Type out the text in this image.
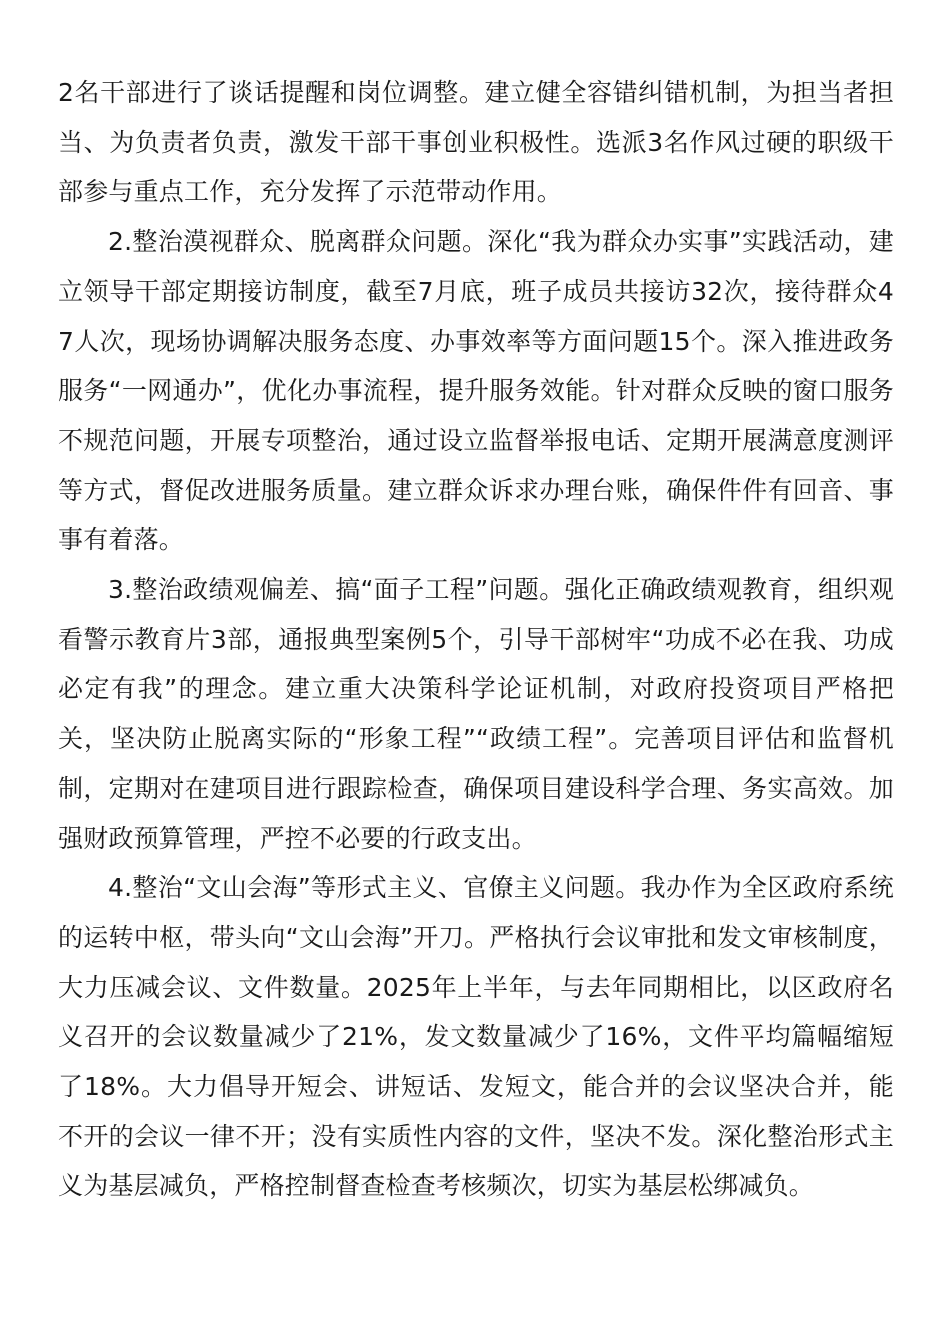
2名干部进行了谈话提醒和岗位调整。建立健全容错纠错机制，为担当者担当、为负责者负责，激发干部干事创业积极性。选派3名作风过硬的职级干部参与重点工作，充分发挥了示范带动作用。

2.整治漠视群众、脱离群众问题。深化“我为群众办实事”实践活动，建立领导干部定期接访制度，截至7月底，班子成员共接访32次，接待群众47人次，现场协调解决服务态度、办事效率等方面问题15个。深入推进政务服务“一网通办”，优化办事流程，提升服务效能。针对群众反映的窗口服务不规范问题，开展专项整治，通过设立监督举报电话、定期开展满意度测评等方式，督促改进服务质量。建立群众诉求办理台账，确保件件有回音、事事有着落。

3.整治政绩观偏差、搞“面子工程”问题。强化正确政绩观教育，组织观看警示教育片3部，通报典型案例5个，引导干部树牢“功成不必在我、功成必定有我”的理念。建立重大决策科学论证机制，对政府投资项目严格把关，坚决防止脱离实际的“形象工程”“政绩工程”。完善项目评估和监督机制，定期对在建项目进行跟踪检查，确保项目建设科学合理、务实高效。加强财政预算管理，严控不必要的行政支出。

4.整治“文山会海”等形式主义、官僚主义问题。我办作为全区政府系统的运转中枢，带头向“文山会海”开刀。严格执行会议审批和发文审核制度，大力压减会议、文件数量。2025年上半年，与去年同期相比，以区政府名义召开的会议数量减少了21%，发文数量减少了16%，文件平均篇幅缩短了18%。大力倡导开短会、讲短话、发短文，能合并的会议坚决合并，能不开的会议一律不开；没有实质性内容的文件，坚决不发。深化整治形式主义为基层减负，严格控制督查检查考核频次，切实为基层松绑减负。
